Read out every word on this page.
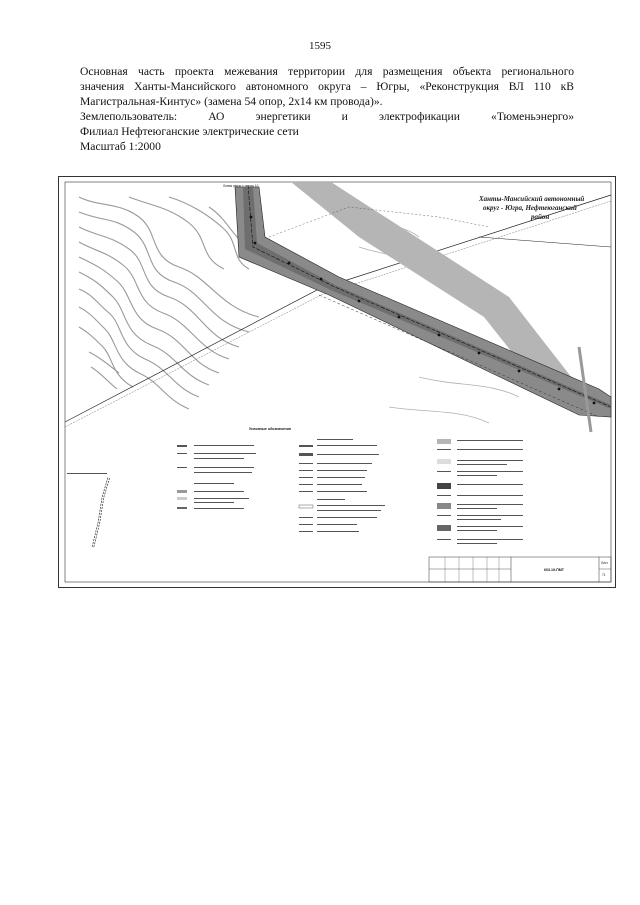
1595

Основная часть проекта межевания территории для размещения объекта регионального

значения Ханты-Мансийского автономного округа – Югры, «Реконструкция ВЛ 110 кВ

Магистральная-Кинтус» (замена 54 опор, 2х14 км провода)».

Землепользователь: АО энергетики и электрофикации «Тюменьэнерго»

Филиал Нефтеюганские электрические сети

Масштаб 1:2000

Ханты-Мансийский автономный
округ - Югра, Нефтеюганский
район
Линия связи с опоры 10
Условные обозначения
603.19-ПМТ
Лист
71
